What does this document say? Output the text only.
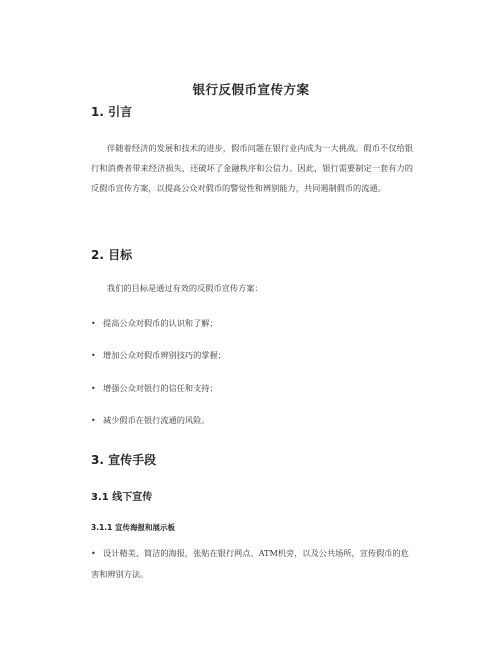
银行反假币宣传方案
1. 引言
伴随着经济的发展和技术的进步，假币问题在银行业内成为一大挑战。假币不仅给银行和消费者带来经济损失，还破坏了金融秩序和公信力。因此，银行需要制定一套有力的反假币宣传方案，以提高公众对假币的警觉性和辨别能力，共同遏制假币的流通。
2. 目标
我们的目标是通过有效的反假币宣传方案：
• 提高公众对假币的认识和了解；
• 增加公众对假币辨别技巧的掌握；
• 增强公众对银行的信任和支持；
• 减少假币在银行流通的风险。
3. 宣传手段
3.1 线下宣传
3.1.1 宣传海报和展示板
• 设计精美、简洁的海报，张贴在银行网点、ATM机旁，以及公共场所，宣传假币的危害和辨别方法。
